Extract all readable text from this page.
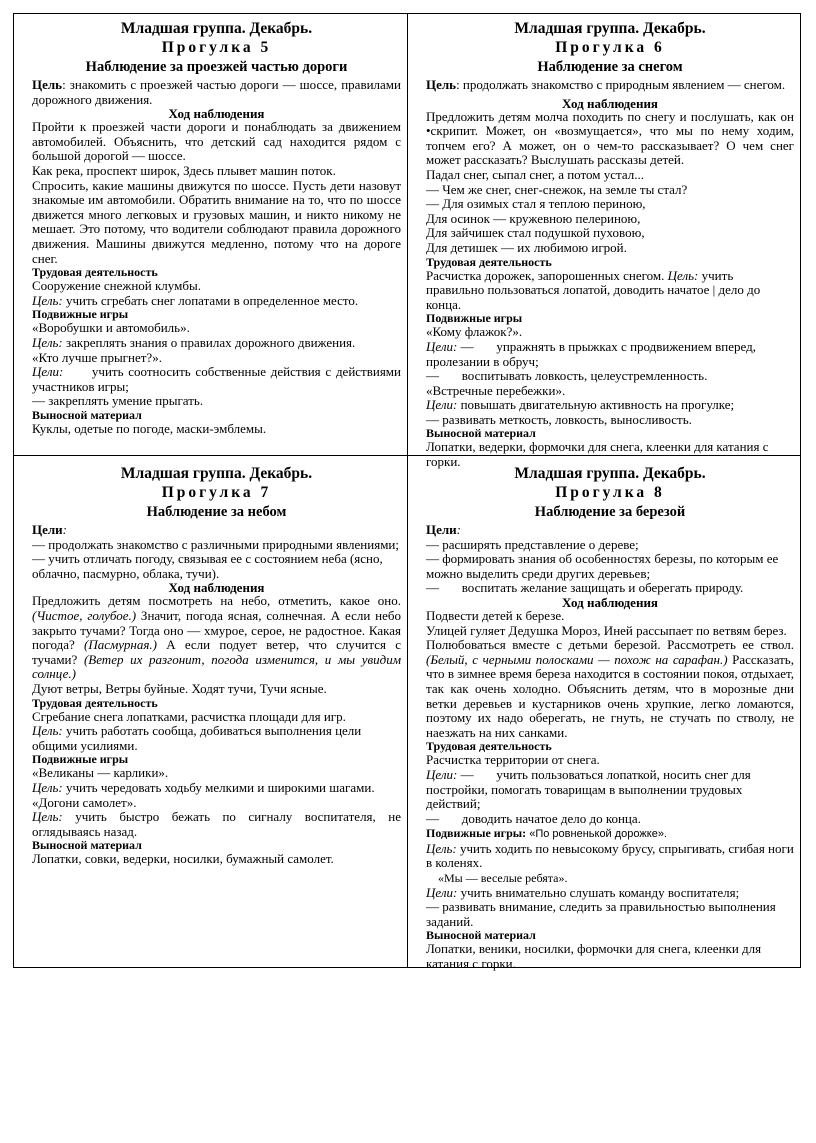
Младшая группа. Декабрь.
Прогулка 5
Наблюдение за проезжей частью дороги

Цель: знакомить с проезжей частью дороги — шоссе, правилами дорожного движения.

Ход наблюдения

Пройти к проезжей части дороги и понаблюдать за движением автомобилей. Объяснить, что детский сад находится рядом с большой дорогой — шоссе.

Как река, проспект широк, Здесь плывет машин поток.

Спросить, какие машины движутся по шоссе. Пусть дети назовут знакомые им автомобили. Обратить внимание на то, что по шоссе движется много легковых и грузовых машин, и никто никому не мешает. Это потому, что водители соблюдают правила дорожного движения. Машины движутся медленно, потому что на дороге снег.

Трудовая деятельность

Сооружение снежной клумбы.

Цель: учить сгребать снег лопатами в определенное место.

Подвижные игры

«Воробушки и автомобиль».

Цель: закреплять знания о правилах дорожного движения.

«Кто лучше прыгнет?».

Цели:      учить соотносить собственные действия с действиями участников игры;

— закреплять умение прыгать.

Выносной материал

Куклы, одетые по погоде, маски-эмблемы.

Младшая группа. Декабрь.
Прогулка 6
Наблюдение за снегом

Цель: продолжать знакомство с природным явлением — снегом.

Ход наблюдения

Предложить детям молча походить по снегу и послушать, как он •скрипит. Может, он «возмущается», что мы по нему ходим, топчем его? А может, он о чем-то рассказывает? О чем снег может рассказать? Выслушать рассказы детей.

Падал снег, сыпал снег, а потом устал...

— Чем же снег, снег-снежок, на земле ты стал?

— Для озимых стал я теплою периною,

Для осинок — кружевною пелериною,

Для зайчишек стал подушкой пуховою,

Для детишек — их любимою игрой.

Трудовая деятельность

Расчистка дорожек, запорошенных снегом. Цель: учить правильно пользоваться лопатой, доводить начатое | дело до конца.

Подвижные игры

«Кому флажок?».

Цели: —       упражнять в прыжках с продвижением вперед, пролезании в обруч;

—       воспитывать ловкость, целеустремленность.

«Встречные перебежки».

Цели: повышать двигательную активность на прогулке;

— развивать меткость, ловкость, выносливость.

Выносной материал

Лопатки, ведерки, формочки для снега, клеенки для катания с горки.

Младшая группа. Декабрь.
Прогулка 7
Наблюдение за небом

Цели:

— продолжать знакомство с различными природными явлениями;

— учить отличать погоду, связывая ее с состоянием неба (ясно,

облачно, пасмурно, облака, тучи).

Ход наблюдения

Предложить детям посмотреть на небо, отметить, какое оно. (Чистое, голубое.) Значит, погода ясная, солнечная. А если небо закрыто тучами? Тогда оно — хмурое, серое, не радостное. Какая погода? (Пасмурная.) А если подует ветер, что случится с тучами? (Ветер их разгонит, погода изменится, и мы увидим солнце.)

Дуют ветры, Ветры буйные. Ходят тучи, Тучи ясные.

Трудовая деятельность

Сгребание снега лопатками, расчистка площади для игр.

Цель: учить работать сообща, добиваться выполнения цели общими усилиями.

Подвижные игры

«Великаны — карлики».

Цель: учить чередовать ходьбу мелкими и широкими шагами.

«Догони самолет».

Цель: учить быстро бежать по сигналу воспитателя, не оглядываясь назад.

Выносной материал

Лопатки, совки, ведерки, носилки, бумажный самолет.

Младшая группа. Декабрь.
Прогулка 8
Наблюдение за березой

Цели:

— расширять представление о дереве;

— формировать знания об особенностях березы, по которым ее

можно выделить среди других деревьев;

—       воспитать желание защищать и оберегать природу.

Ход наблюдения

Подвести детей к березе.

Улицей гуляет Дедушка Мороз, Иней рассыпает по ветвям берез.

Полюбоваться вместе с детьми березой. Рассмотреть ее ствол. (Белый, с черными полосками — похож на сарафан.) Рассказать, что в зимнее время береза находится в состоянии покоя, отдыхает, так как очень холодно. Объяснить детям, что в морозные дни ветки деревьев и кустарников очень хрупкие, легко ломаются, поэтому их надо оберегать, не гнуть, не стучать по стволу, не наезжать на них санками.

Трудовая деятельность

Расчистка территории от снега.

Цели: —       учить пользоваться лопаткой, носить снег для постройки, помогать товарищам в выполнении трудовых действий;

—       доводить начатое дело до конца.

Подвижные игры: «По ровненькой дорожке».

Цель: учить ходить по невысокому брусу, спрыгивать, сгибая ноги в коленях.

«Мы — веселые ребята».

Цели: учить внимательно слушать команду воспитателя;

— развивать внимание, следить за правильностью выполнения заданий.

Выносной материал

Лопатки, веники, носилки, формочки для снега, клеенки для катания с горки.
